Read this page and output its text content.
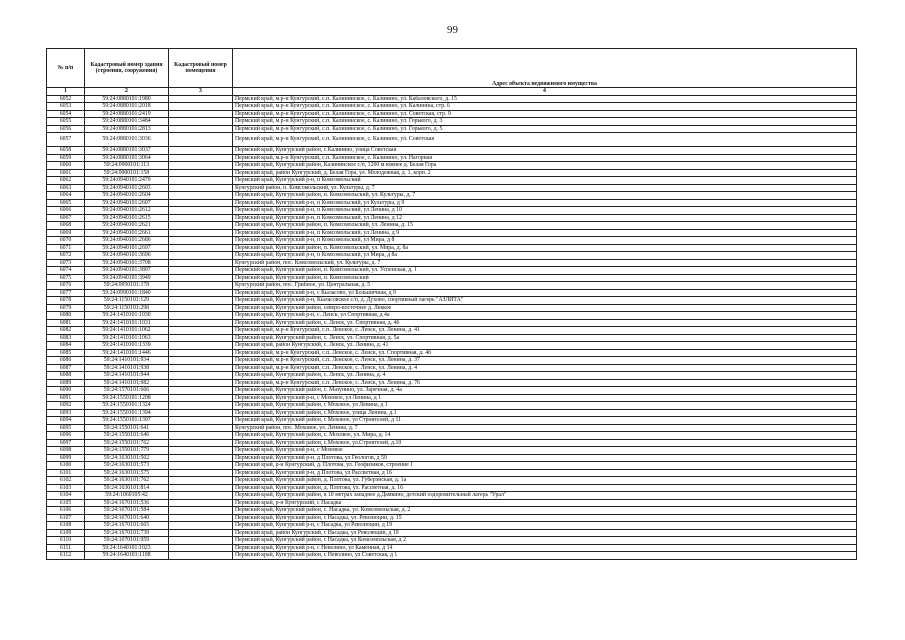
99
№ п/п	Кадастровый номер здания (строения, сооружения)	Кадастровый номер помещения	Адрес объекта недвижимого имущества
1	2	3	4
6052	59:24:0880101:1980		Пермский край, м.р-н Кунгурский, с.п. Калининское, с. Калинино, ул. Кабаловского, д. 15
6053	59:24:0880101:2018		Пермский край, м.р-н Кунгурский, с.п. Калининское, с. Калинино, ул. Калинина, стр. 6
6054	59:24:0880101:2419		Пермский край, м.р-н Кунгурский, с.п. Калининское, с. Калинино, ул. Советская, стр. 9
6055	59:24:0880101:3484		Пермский край, м.р-н Кунгурский, с.п. Калининское, с. Калинино, ул. Горького, д. 3
6056	59:24:0880101:2813		Пермский край, м.р-н Кунгурский, с.п. Калининское, с. Калинино, ул. Горького, д. 5
6057	59:24:0880101:3036		Пермский край, м.р-н Кунгурский, с.п. Калининское, с. Калинино, ул. Советская
6058	59:24:0880101:3037		Пермский край, Кунгурский район, с.Калинино, улица Советская
6059	59:24:0880101:3064		Пермский край, м.р-н Кунгурский, с.п. Калининское, с. Калинино, ул. Нагорная
6060	59:24:0900101:113		Пермский край, Кунгурский район, Калининское с/п, 1200 м южнее д. Белая Гора
6061	59:24:0900101:158		Пермский край, район Кунгурский, д. Белая Гора, ул. Молодежная, д. 1, корп. 2
6062	59:24:0940101:2479		Пермский край, Кунгурский р-н, п Комсомольский
6063	59:24:0940101:2603		Кунгурский район, п. Комсомольский, ул. Культуры, д. 7
6064	59:24:0940101:2604		Пермский край, Кунгурский район, п. Комсомольский, ул. Культуры, д. 7
6065	59:24:0940101:2607		Пермский край, Кунгурский р-н, п Комсомольский, ул Культуры, д 9
6066	59:24:0940101:2612		Пермский край, Кунгурский р-н, п Комсомольский, ул Ленина, д 10
6067	59:24:0940101:2615		Пермский край, Кунгурский р-н, п Комсомольский, ул Ленина, д 12
6068	59:24:0940101:2621		Пермский край, Кунгурский район, п. Комсомольский, ул. Ленина, д. 15
6069	59:24:0940101:2661		Пермский край, Кунгурский р-н, п Комсомольский, ул Ленина, д 9
6070	59:24:0940101:2686		Пермский край, Кунгурский р-н, п Комсомольский, ул Мира, д 8
6071	59:24:0940101:2697		Пермский край, Кунгурский район, п. Комсомольский, ул. Мира, д. 8а
6072	59:24:0940101:3696		Пермский край, Кунгурский р-н, п Комсомольский, ул Мира, д 8а
6073	59:24:0940101:3708		Кунгурский район, пос. Комсомольский, ул. Культуры, д. 7
6074	59:24:0940101:3897		Пермский край, Кунгурский район, п. Комсомольский, ул. Успенская, д. 1
6075	59:24:0940101:3949		Пермский край, Кунгурский район, п. Комсомольский
6076	59:24:0950101:178		Кунгурский район, пос. Грибное, ул. Центральная, д. 5
6077	59:24:0990101:1840		Пермский край, Кунгурский р-н, с Кыласово, ул Большичная, д 9
6078	59:24:1150101:129		Пермский край, Кунгурский р-н, Кыласовское с/п, д. Духово, спортивный лагерь "АЗЛИТА"
6079	59:24:1150101:298		Пермский край, Кунгурский район, северо-восточнее д. Леккое
6080	59:24:1410101:1030		Пермский край, Кунгурский р-н, с. Ленск, ул Спортивная, д 4а
6081	59:24:1410101:1031		Пермский край, Кунгурский район, с. Ленск, ул. Спортивная, д. 4б
6082	59:24:1410101:1062		Пермский край, м.р-н Кунгурский, с.п. Ленское, с. Ленск, ул. Ленина, д. 41
6083	59:24:1410101:1063		Пермский край, Кунгурский район, с. Ленск, ул. Спортивная, д. 5а
6084	59:24:1410101:1339		Пермский край, район Кунгурский, с. Ленск, ул. Ленина, д. 41
6085	59:24:1410101:1446		Пермский край, м.р-н Кунгурский, с.п. Ленское, с. Ленск, ул. Спортивная, д. 4б
6086	59:24:1410101:934		Пермский край, м.р-н Кунгурский, с.п. Ленское, с. Ленск, ул. Ленина, д. 37
6087	59:24:1410101:938		Пермский край, м.р-н Кунгурский, с.п. Ленское, с. Ленск, ул. Ленина, д. 4
6088	59:24:1410101:944		Пермский край, Кунгурский район, с. Ленск, ул. Ленина, д. 4
6089	59:24:1410101:982		Пермский край, м.р-н Кунгурский, с.п. Ленское, с. Ленск, ул. Ленина, д. 76
6090	59:24:1570101:666		Пермский край, Кунгурский район, с. Мазунино, ул. Заречная, д. 4а
6091	59:24:1550101:1208		Пермский край, Кунгурский р-н, с Моховое, ул Ленина, д 1
6092	59:24:1550101:1324		Пермский край, Кунгурский район, с Моховое, ул Ленина, д 1
6093	59:24:1550101:1394		Пермский край, Кунгурский район, с.Моховое, улица Ленина, д.1
6094	59:24:1550101:1397		Пермский край, Кунгурский район, с Моховое, ул Строителей, д 11
6095	59:24:1550101:641		Кунгурский район, пос. Моховое, ул. Ленина, д. 7
6096	59:24:1550101:646		Пермский край, Кунгурский район, с. Моховое, ул. Мира, д. 14
6097	59:24:1550101:762		Пермский край, Кунгурский район, с.Моховое, ул.Строителей, д.10
6098	59:24:1550101:779		Пермский край, Кунгурский р-н, с Моховое
6099	59:24:1630101:502		Пермский край, Кунгурский р-н, д Плотова, ул Геологов, д 59
6100	59:24:1630101:573		Пермский край, р-н Кунгурский, д. Плотова, ул. Геофизиков, строение 1
6101	59:24:1630101:575		Пермский край, Кунгурский р-н, д Плотова, ул Рассветная, д 16
6102	59:24:1630101:762		Пермский край, Кунгурский район, д. Плотова, ул. Губерэнская, д. 1а
6103	59:24:1630101:814		Пермский край, Кунгурский район, д. Плотова, ул. Рассветная, д. 16
6104	59:24:1060105:42		Пермский край, Кунгурский район, в 10 метрах западнее д.Дамкино, детский оздоровительный лагерь "Урал"
6105	59:24:1670101:536		Пермский край, р-н Кунгурский, с Насадка
6106	59:24:1670101:584		Пермский край, Кунгурский район, с. Насадка, ул. Комсомольская, д. 2
6107	59:24:1670101:640		Пермский край, Кунгурский район, с Насадка, ул. Революции, д. 15
6108	59:24:1670101:665		Пермский край, Кунгурский р-н, с Насадка, ул Революции, д 19
6109	59:24:1670101:739		Пермский край, район Кунгурский, с Насадка, ул Революции, д 19
6110	59:24:1670101:959		Пермский край, Кунгурский район, с Насадка, ул Комсомольская, д 2
6111	59:24:1640101:1023		Пермский край, Кунгурский р-н, с Неволино, ул Каменная, д 14
6112	59:24:1640101:1108		Пермский край, Кунгурский район, с Неволино, ул Советская, д 1
